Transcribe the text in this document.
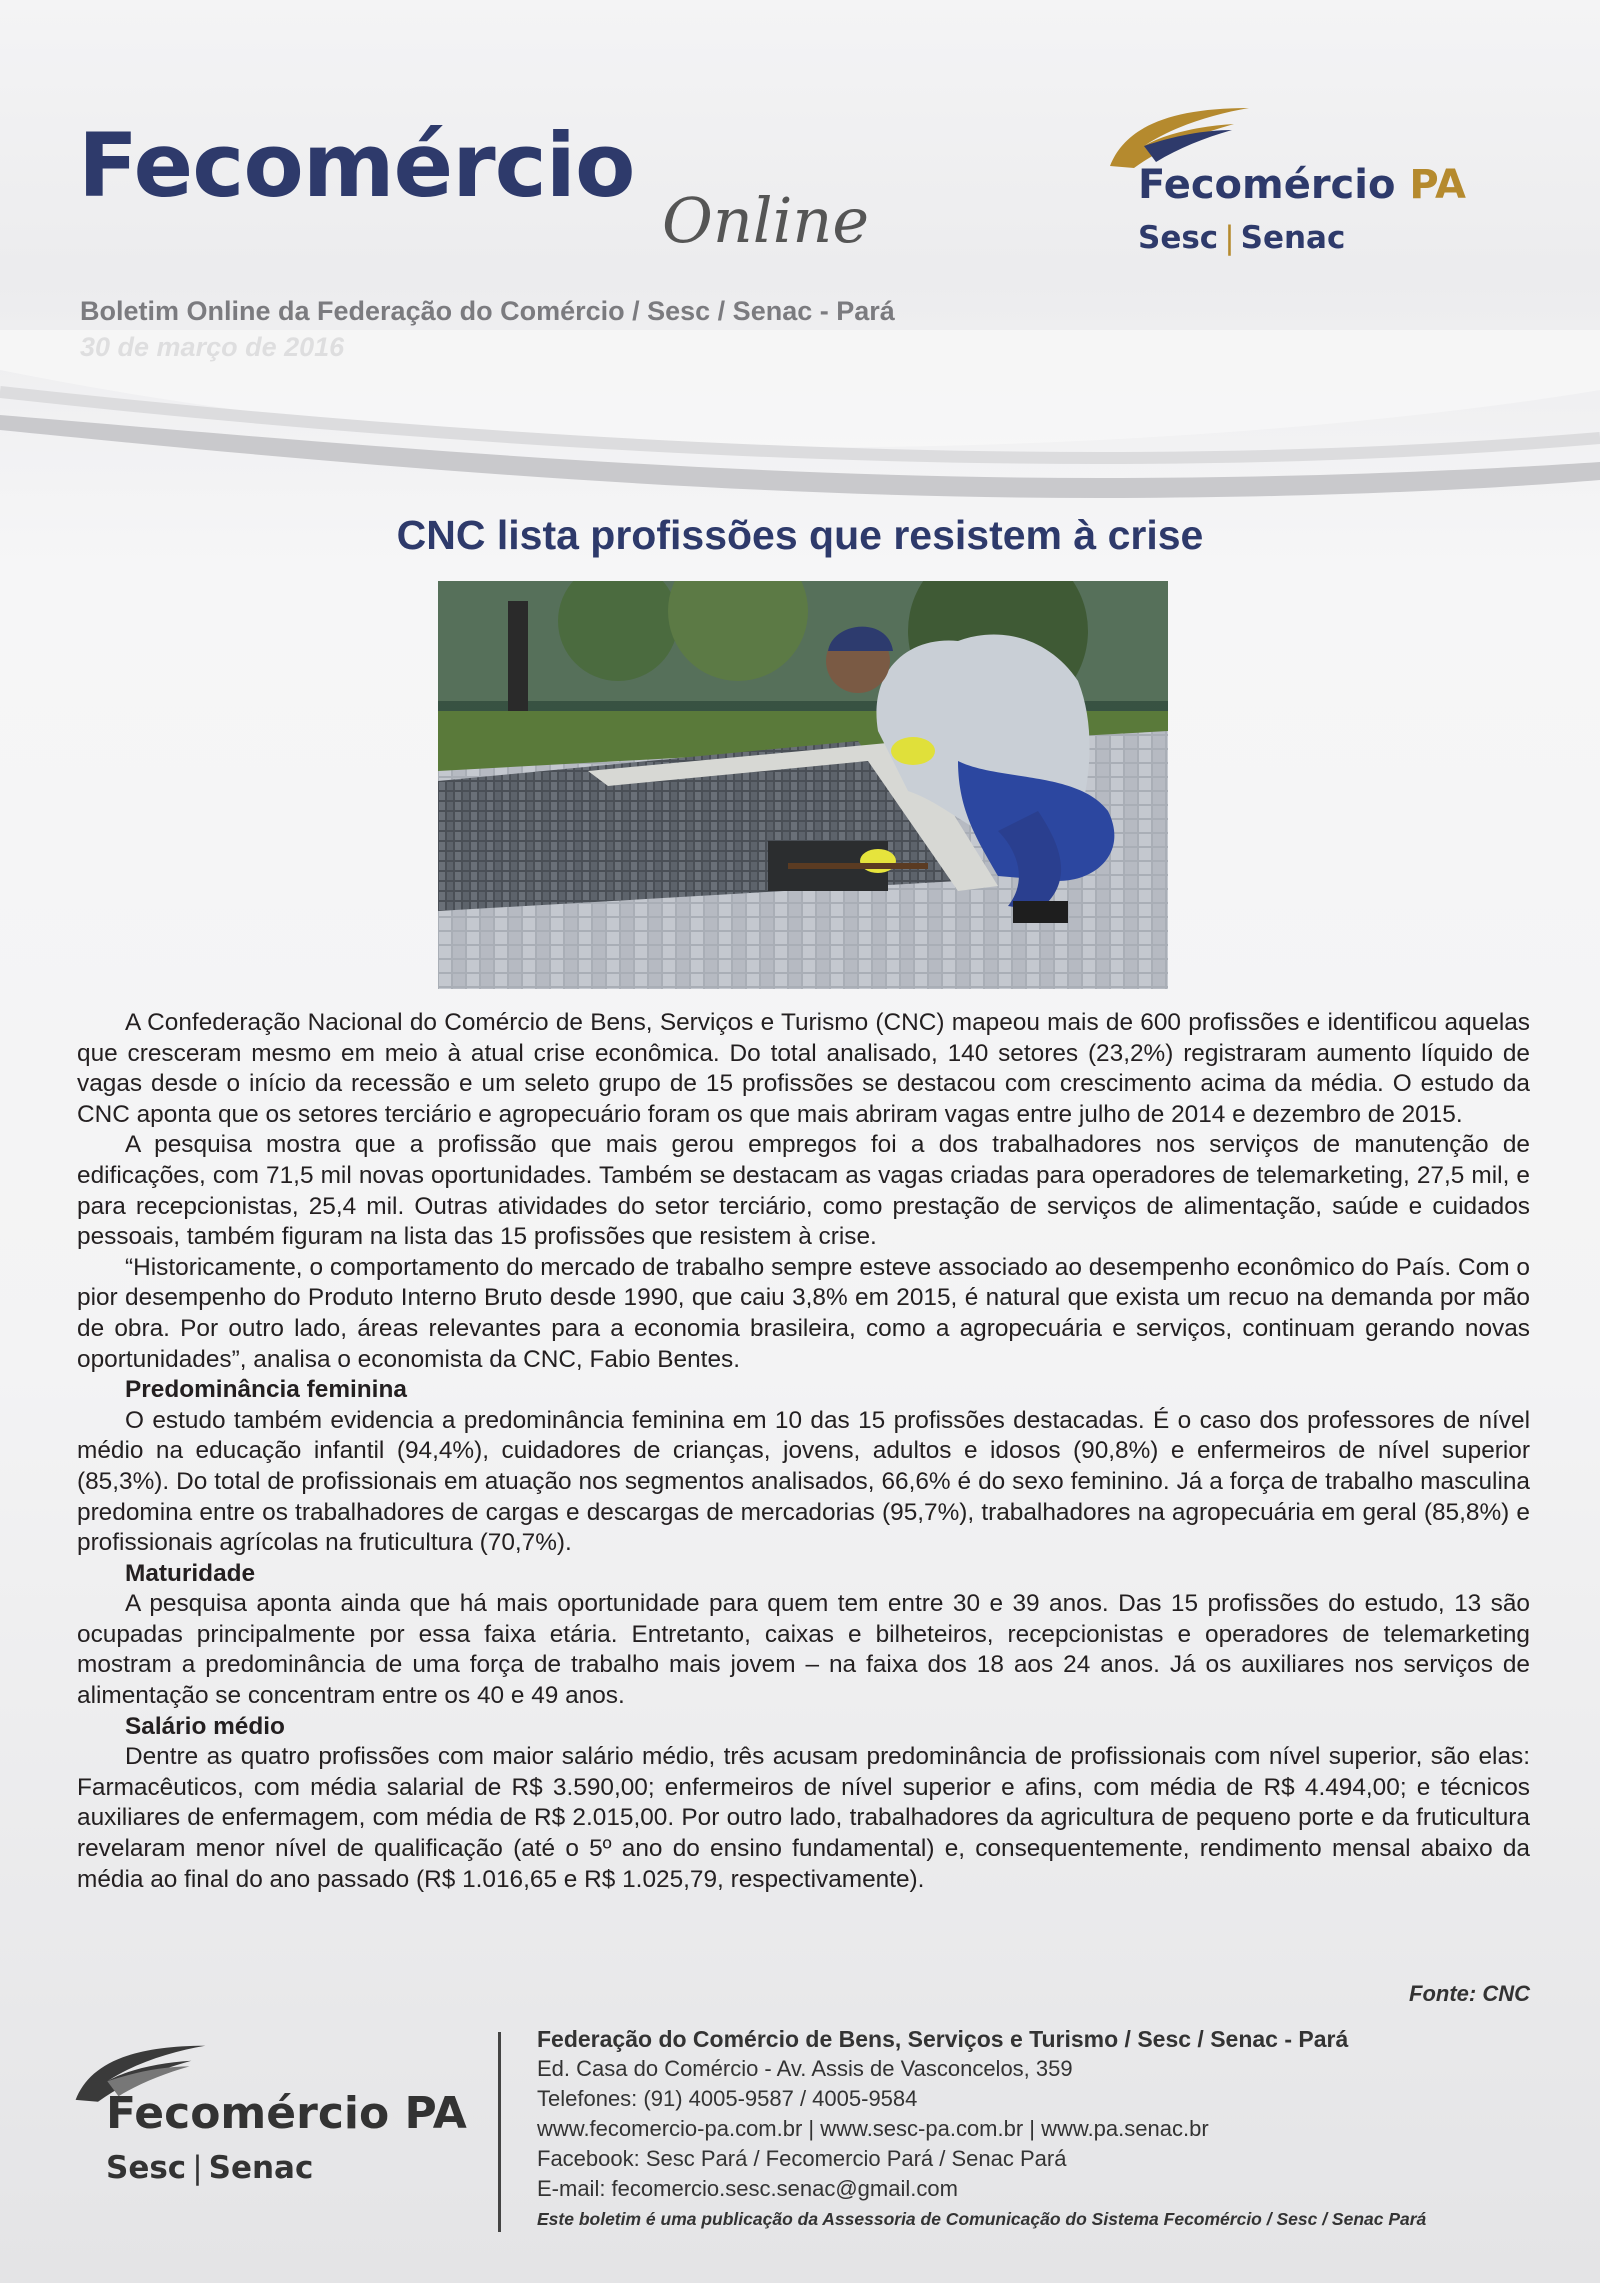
Fecomércio
Online
Boletim Online da Federação do Comércio / Sesc / Senac - Pará
Fecomércio PA
Sesc | Senac
CNC lista profissões que resistem à crise

A Confederação Nacional do Comércio de Bens, Serviços e Turismo (CNC) mapeou mais de 600 profissões e identificou aquelas que cresceram mesmo em meio à atual crise econômica. Do total analisado, 140 setores (23,2%) registraram aumento líquido de vagas desde o início da recessão e um seleto grupo de 15 profissões se destacou com crescimento acima da média. O estudo da CNC aponta que os setores terciário e agropecuário foram os que mais abriram vagas entre julho de 2014 e dezembro de 2015.

A pesquisa mostra que a profissão que mais gerou empregos foi a dos trabalhadores nos serviços de manutenção de edificações, com 71,5 mil novas oportunidades. Também se destacam as vagas criadas para operadores de telemarketing, 27,5 mil, e para recepcionistas, 25,4 mil. Outras atividades do setor terciário, como prestação de serviços de alimentação, saúde e cuidados pessoais, também figuram na lista das 15 profissões que resistem à crise.

“Historicamente, o comportamento do mercado de trabalho sempre esteve associado ao desempenho econômico do País. Com o pior desempenho do Produto Interno Bruto desde 1990, que caiu 3,8% em 2015, é natural que exista um recuo na demanda por mão de obra. Por outro lado, áreas relevantes para a economia brasileira, como a agropecuária e serviços, continuam gerando novas oportunidades”, analisa o economista da CNC, Fabio Bentes.

Predominância feminina

O estudo também evidencia a predominância feminina em 10 das 15 profissões destacadas. É o caso dos professores de nível médio na educação infantil (94,4%), cuidadores de crianças, jovens, adultos e idosos (90,8%) e enfermeiros de nível superior (85,3%). Do total de profissionais em atuação nos segmentos analisados, 66,6% é do sexo feminino. Já a força de trabalho masculina predomina entre os trabalhadores de cargas e descargas de mercadorias (95,7%), trabalhadores na agropecuária em geral (85,8%) e profissionais agrícolas na fruticultura (70,7%).

Maturidade

A pesquisa aponta ainda que há mais oportunidade para quem tem entre 30 e 39 anos. Das 15 profissões do estudo, 13 são ocupadas principalmente por essa faixa etária. Entretanto, caixas e bilheteiros, recepcionistas e operadores de telemarketing mostram a predominância de uma força de trabalho mais jovem – na faixa dos 18 aos 24 anos. Já os auxiliares nos serviços de alimentação se concentram entre os 40 e 49 anos.

Salário médio

Dentre as quatro profissões com maior salário médio, três acusam predominância de profissionais com nível superior, são elas: Farmacêuticos, com média salarial de R$ 3.590,00; enfermeiros de nível superior e afins, com média de R$ 4.494,00; e técnicos auxiliares de enfermagem, com média de R$ 2.015,00. Por outro lado, trabalhadores da agricultura de pequeno porte e da fruticultura revelaram menor nível de qualificação (até o 5º ano do ensino fundamental) e, consequentemente, rendimento mensal abaixo da média ao final do ano passado (R$ 1.016,65 e R$ 1.025,79, respectivamente).

Fonte: CNC
Fecomércio PA
Sesc | Senac
Federação do Comércio de Bens, Serviços e Turismo / Sesc / Senac - Pará
Ed. Casa do Comércio - Av. Assis de Vasconcelos, 359
Telefones: (91) 4005-9587 / 4005-9584
www.fecomercio-pa.com.br | www.sesc-pa.com.br | www.pa.senac.br
Facebook: Sesc Pará / Fecomercio Pará / Senac Pará
E-mail: fecomercio.sesc.senac@gmail.com
Este boletim é uma publicação da Assessoria de Comunicação do Sistema Fecomércio / Sesc / Senac Pará
